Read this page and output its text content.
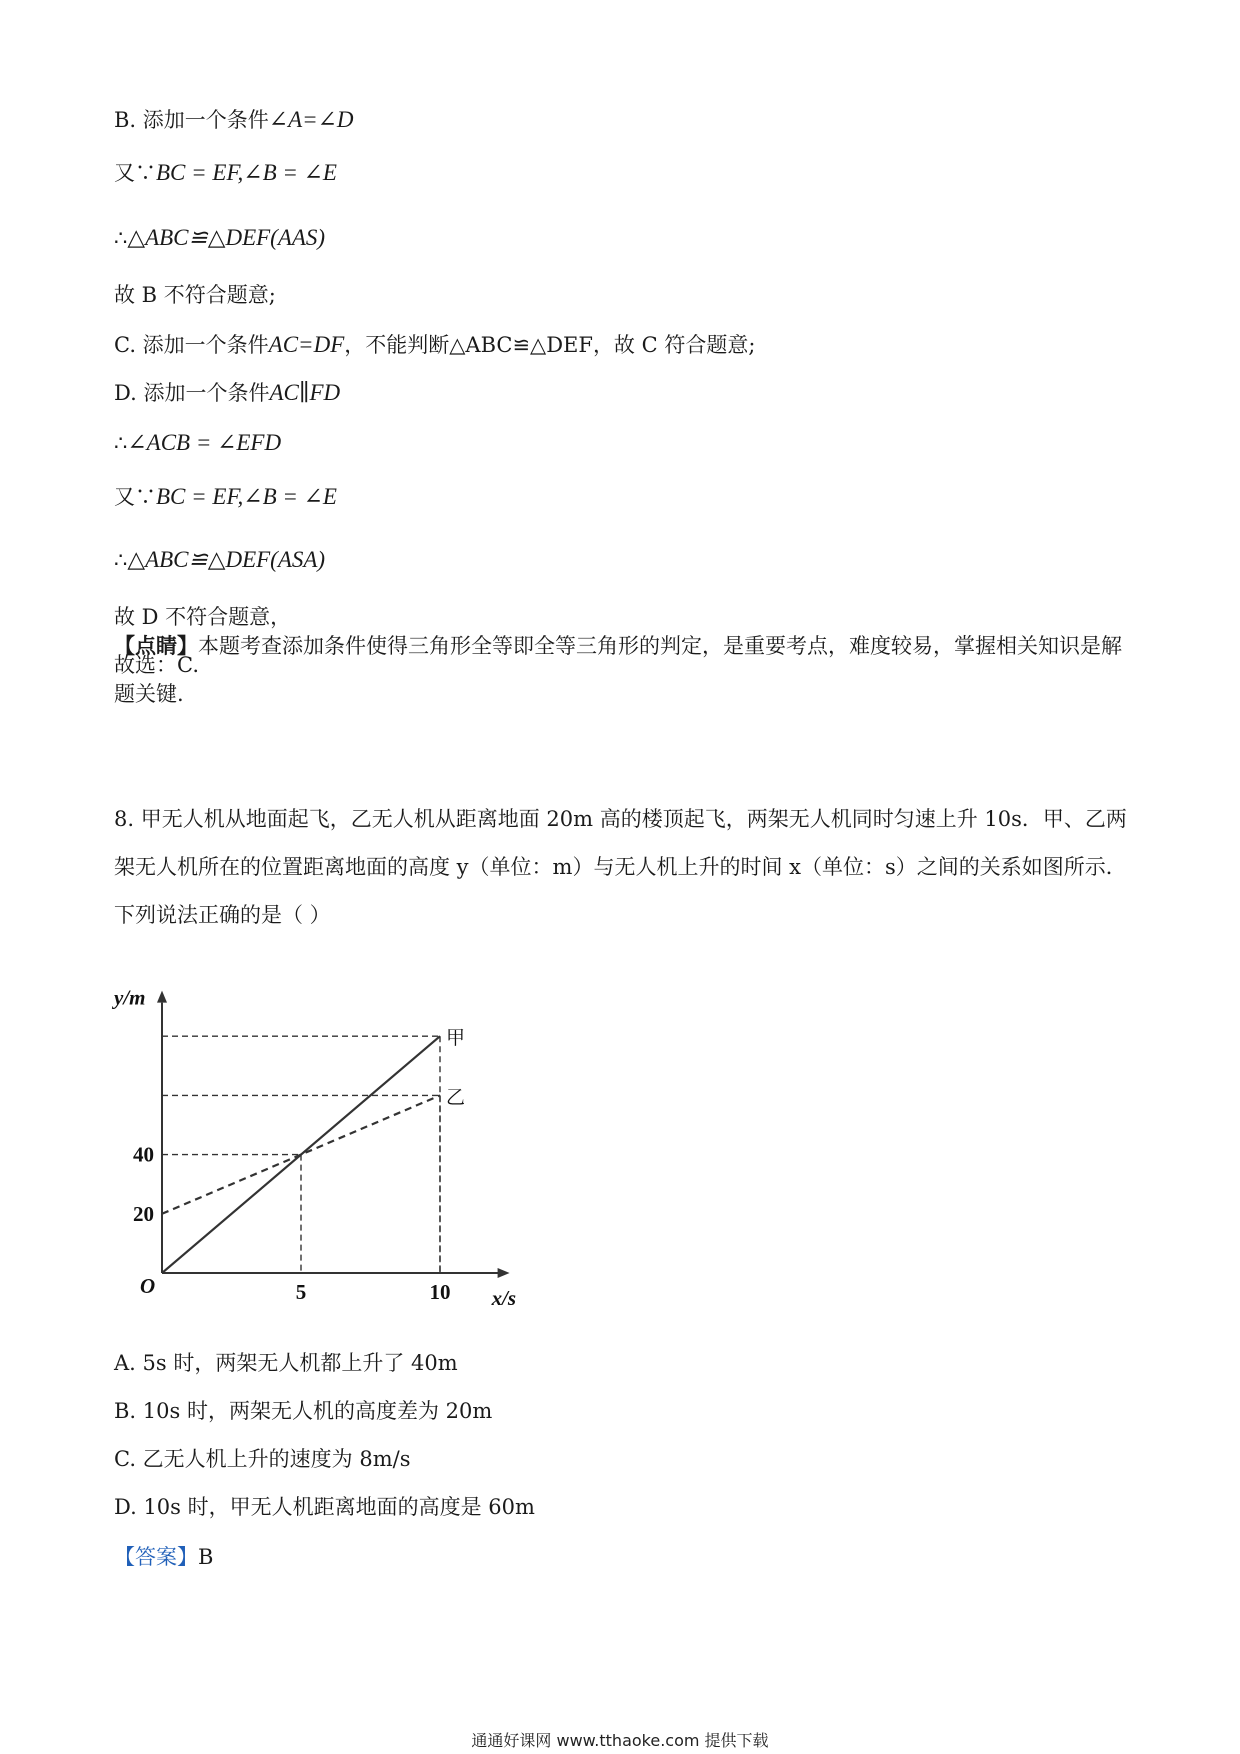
B. 添加一个条件∠A=∠D
又∵BC = EF,∠B = ∠E
∴△ABC≌△DEF(AAS)
故 B 不符合题意;
C. 添加一个条件AC=DF，不能判断△ABC≌△DEF，故 C 符合题意;
D. 添加一个条件AC∥FD
∴∠ACB = ∠EFD
又∵BC = EF,∠B = ∠E
∴△ABC≌△DEF(ASA)
故 D 不符合题意，
故选：C.
【点睛】本题考查添加条件使得三角形全等即全等三角形的判定，是重要考点，难度较易，掌握相关知识是解题关键.
8. 甲无人机从地面起飞，乙无人机从距离地面 20m 高的楼顶起飞，两架无人机同时匀速上升 10s．甲、乙两架无人机所在的位置距离地面的高度 y（单位：m）与无人机上升的时间 x（单位：s）之间的关系如图所示．下列说法正确的是（ ）
甲
乙
20
40
5	10
O	x/s
y/m
A. 5s 时，两架无人机都上升了 40m
B. 10s 时，两架无人机的高度差为 20m
C. 乙无人机上升的速度为 8m/s
D. 10s 时，甲无人机距离地面的高度是 60m
【答案】B
通通好课网 www.tthaoke.com 提供下载
